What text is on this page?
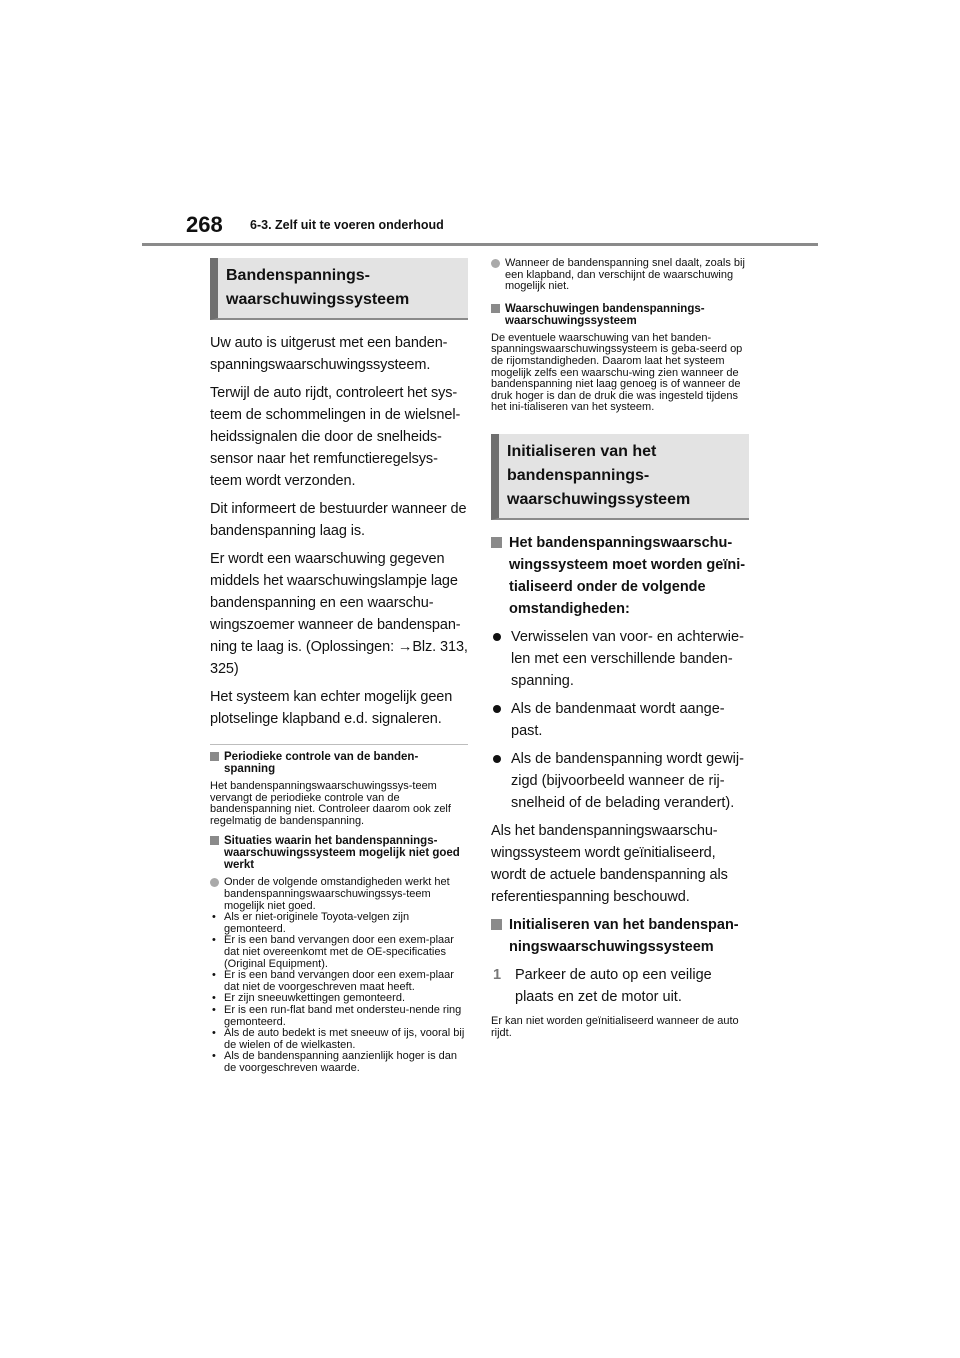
268 6-3. Zelf uit te voeren onderhoud
Bandenspannings-
waarschuwingssysteem

Uw auto is uitgerust met een banden-spanningswaarschuwingssysteem.

Terwijl de auto rijdt, controleert het sys-teem de schommelingen in de wielsnel-heidssignalen die door de snelheids-sensor naar het remfunctieregelsys-teem wordt verzonden.

Dit informeert de bestuurder wanneer de bandenspanning laag is.

Er wordt een waarschuwing gegeven middels het waarschuwingslampje lage bandenspanning en een waarschu-wingszoemer wanneer de bandenspan-ning te laag is. (Oplossingen: →Blz. 313, 325)

Het systeem kan echter mogelijk geen plotselinge klapband e.d. signaleren.

Periodieke controle van de banden-spanning

Het bandenspanningswaarschuwingssys-teem vervangt de periodieke controle van de bandenspanning niet. Controleer daarom ook zelf regelmatig de bandenspanning.

Situaties waarin het bandenspannings-waarschuwingssysteem mogelijk niet goed werkt

Onder de volgende omstandigheden werkt het bandenspanningswaarschuwingssys-teem mogelijk niet goed.

• Als er niet-originele Toyota-velgen zijn gemonteerd.

• Er is een band vervangen door een exem-plaar dat niet overeenkomt met de OE-specificaties (Original Equipment).

• Er is een band vervangen door een exem-plaar dat niet de voorgeschreven maat heeft.

• Er zijn sneeuwkettingen gemonteerd.

• Er is een run-flat band met ondersteu-nende ring gemonteerd.

• Als de auto bedekt is met sneeuw of ijs, vooral bij de wielen of de wielkasten.

• Als de bandenspanning aanzienlijk hoger is dan de voorgeschreven waarde.

Wanneer de bandenspanning snel daalt, zoals bij een klapband, dan verschijnt de waarschuwing mogelijk niet.

Waarschuwingen bandenspannings-waarschuwingssysteem

De eventuele waarschuwing van het banden-spanningswaarschuwingssysteem is geba-seerd op de rijomstandigheden. Daarom laat het systeem mogelijk zelfs een waarschu-wing zien wanneer de bandenspanning niet laag genoeg is of wanneer de druk hoger is dan de druk die was ingesteld tijdens het ini-tialiseren van het systeem.

Initialiseren van het
bandenspannings-
waarschuwingssysteem

Het bandenspanningswaarschu-wingssysteem moet worden geïni-tialiseerd onder de volgende omstandigheden:

Verwisselen van voor- en achterwie-len met een verschillende banden-spanning.

Als de bandenmaat wordt aange-past.

Als de bandenspanning wordt gewij-zigd (bijvoorbeeld wanneer de rij-snelheid of de belading verandert).

Als het bandenspanningswaarschu-wingssysteem wordt geïnitialiseerd, wordt de actuele bandenspanning als referentiespanning beschouwd.

Initialiseren van het bandenspan-ningswaarschuwingssysteem

1 Parkeer de auto op een veilige plaats en zet de motor uit.

Er kan niet worden geïnitialiseerd wanneer de auto rijdt.
